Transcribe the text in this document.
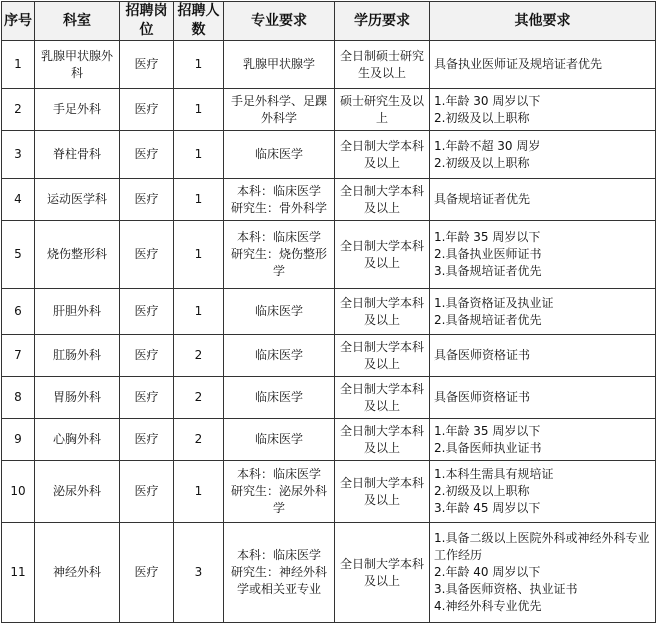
序号	科室	招聘岗位	招聘人数	专业要求	学历要求	其他要求
1	乳腺甲状腺外科	医疗	1	乳腺甲状腺学	全日制硕士研究生及以上	具备执业医师证及规培证者优先

2	手足外科	医疗	1	手足外科学、足踝外科学	硕士研究生及以上	1.年龄 30 周岁以下
2.初级及以上职称

3	脊柱骨科	医疗	1	临床医学	全日制大学本科及以上	1.年龄不超 30 周岁
2.初级及以上职称

4	运动医学科	医疗	1	本科：临床医学
研究生：骨外科学	全日制大学本科及以上	具备规培证者优先

5	烧伤整形科	医疗	1	本科：临床医学
研究生：烧伤整形学	全日制大学本科及以上	1.年龄 35 周岁以下
2.具备执业医师证书
3.具备规培证者优先

6	肝胆外科	医疗	1	临床医学	全日制大学本科及以上	1.具备资格证及执业证
2.具备规培证者优先

7	肛肠外科	医疗	2	临床医学	全日制大学本科及以上	具备医师资格证书

8	胃肠外科	医疗	2	临床医学	全日制大学本科及以上	具备医师资格证书

9	心胸外科	医疗	2	临床医学	全日制大学本科及以上	1.年龄 35 周岁以下
2.具备医师执业证书

10	泌尿外科	医疗	1	本科：临床医学
研究生：泌尿外科学	全日制大学本科及以上	1.本科生需具有规培证
2.初级及以上职称
3.年龄 45 周岁以下

11	神经外科	医疗	3	本科：临床医学
研究生：神经外科学或相关亚专业	全日制大学本科及以上	1.具备二级以上医院外科或神经外科专业工作经历
2.年龄 40 周岁以下
3.具备医师资格、执业证书
4.神经外科专业优先
